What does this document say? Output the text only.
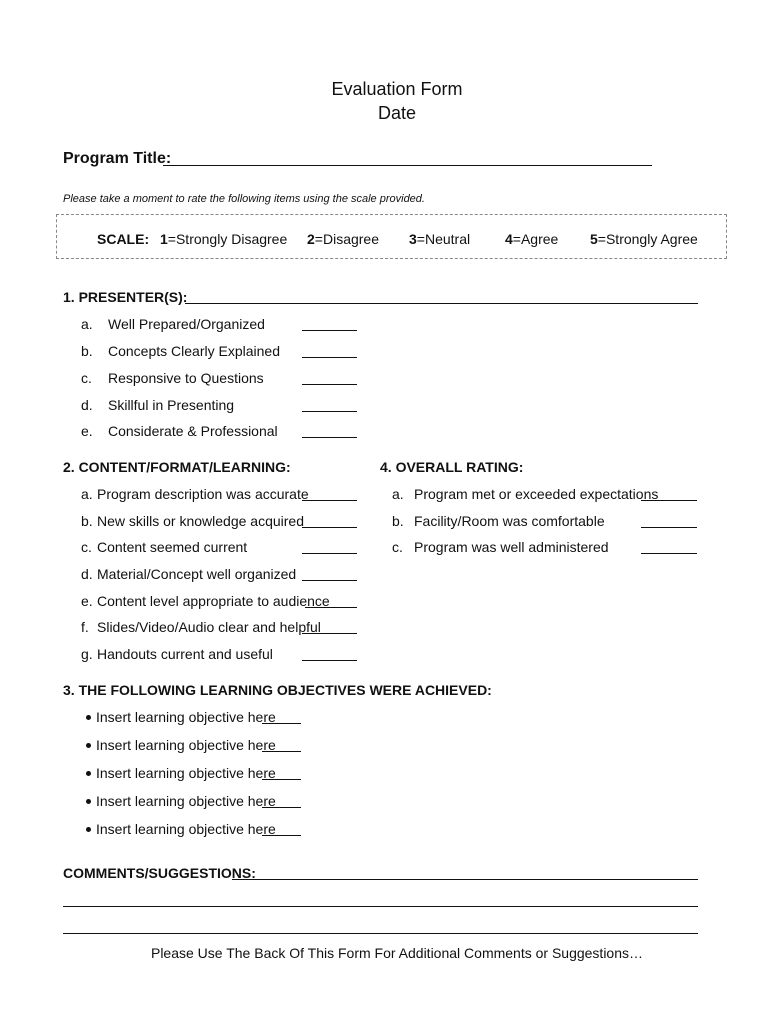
Evaluation Form
Date
Program Title:
Please take a moment to rate the following items using the scale provided.
SCALE: 1=Strongly Disagree 2=Disagree 3=Neutral 4=Agree 5=Strongly Agree
1. PRESENTER(S):
a. Well Prepared/Organized
b. Concepts Clearly Explained
c. Responsive to Questions
d. Skillful in Presenting
e. Considerate & Professional
2. CONTENT/FORMAT/LEARNING:
a. Program description was accurate
b. New skills or knowledge acquired
c. Content seemed current
d. Material/Concept well organized
e. Content level appropriate to audience
f. Slides/Video/Audio clear and helpful
g. Handouts current and useful
4. OVERALL RATING:
a. Program met or exceeded expectations
b. Facility/Room was comfortable
c. Program was well administered
3. THE FOLLOWING LEARNING OBJECTIVES WERE ACHIEVED:
Insert learning objective here
Insert learning objective here
Insert learning objective here
Insert learning objective here
Insert learning objective here
COMMENTS/SUGGESTIONS:
Please Use The Back Of This Form For Additional Comments or Suggestions…
